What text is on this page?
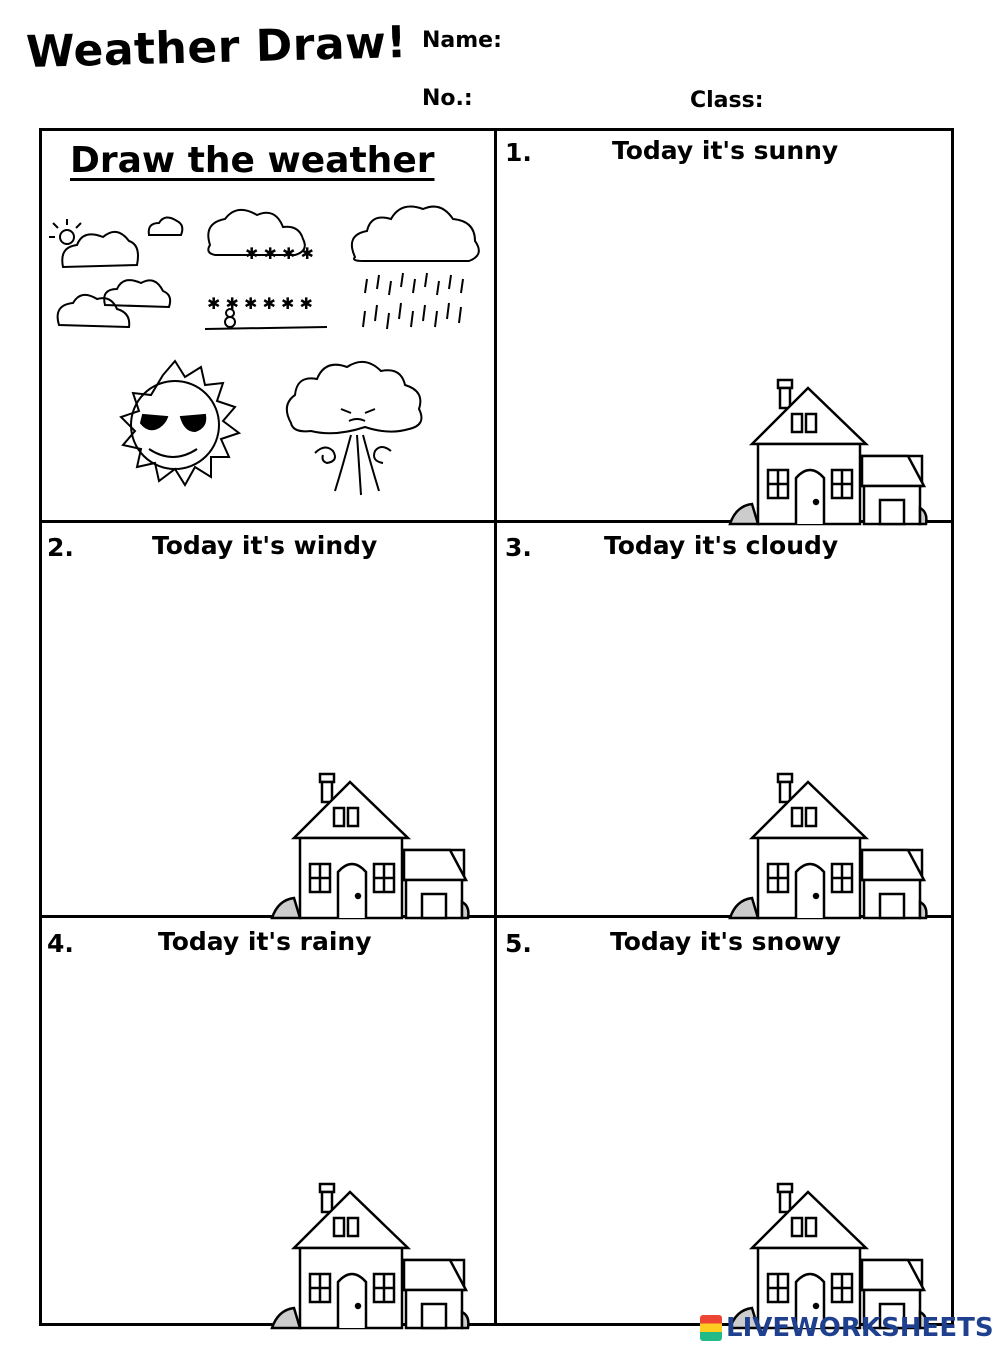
Weather Draw! Name:
No.:	Class:
Draw the weather
✱ ✱ ✱ ✱
✱ ✱ ✱ ✱ ✱ ✱
1.	Today it's sunny
2.	Today it's windy	3.	Today it's cloudy
4.	Today it's rainy	5.	Today it's snowy
LIVEWORKSHEETS
